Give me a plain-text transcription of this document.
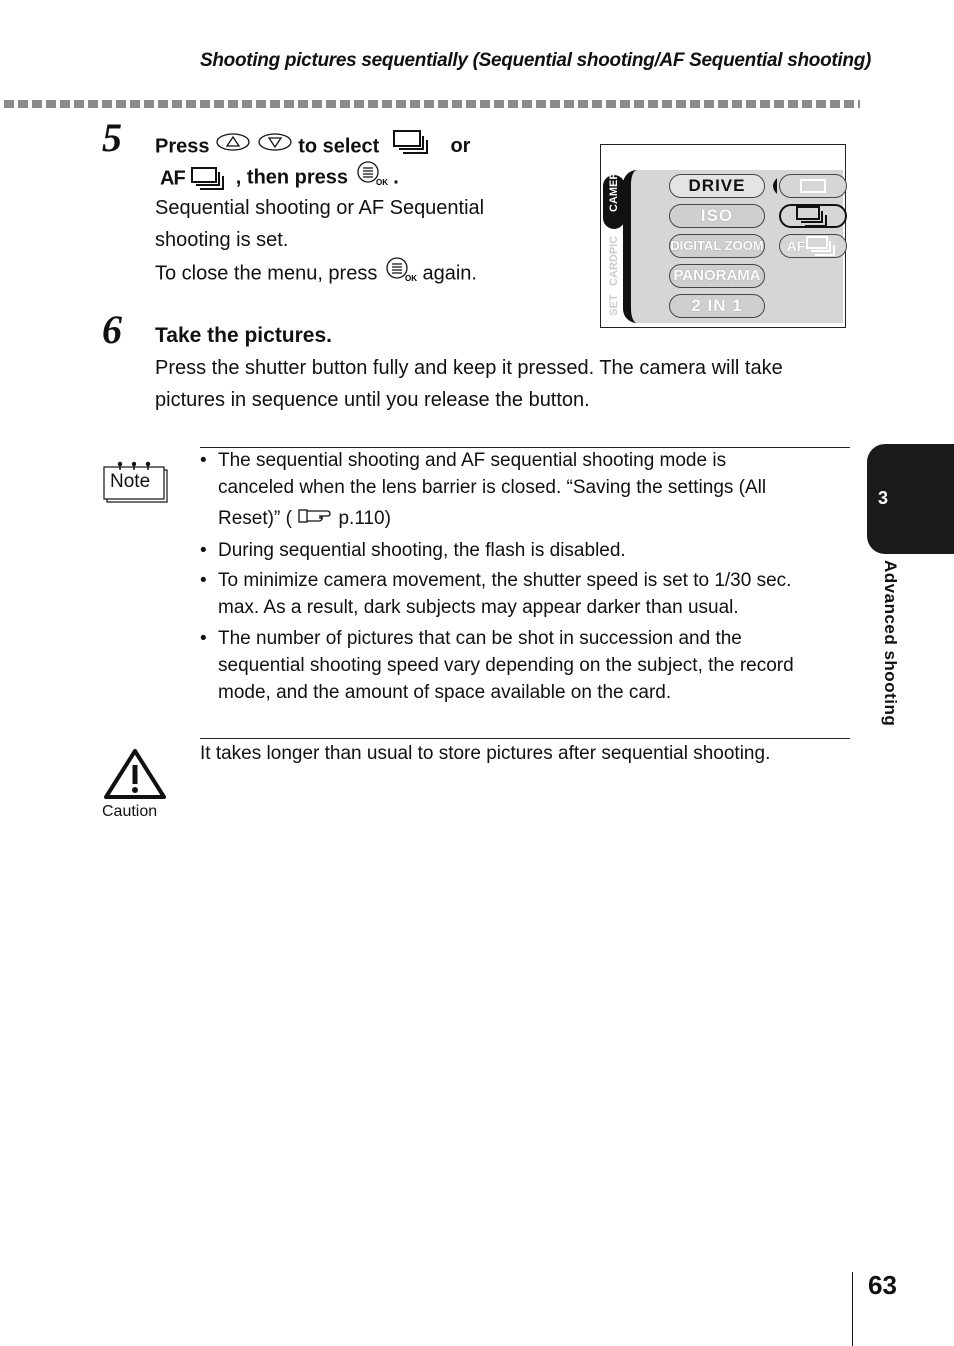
Shooting pictures sequentially (Sequential shooting/AF Sequential shooting)
5 Press	to select	or
AF	, then press	OK .
Sequential shooting or AF Sequential
shooting is set.
To close the menu, press	OK again.
DRIVE
ISO
DIGITAL ZOOM
PANORAMA
2 IN 1
AF
CAMERA
PIC
CARD
SET
6 Take the pictures.
Press the shutter button fully and keep it pressed. The camera will take
pictures in sequence until you release the button.
Note
• The sequential shooting and AF sequential shooting mode is
canceled when the lens barrier is closed. “Saving the settings (All
Reset)” ( p.110)
• During sequential shooting, the flash is disabled.
• To minimize camera movement, the shutter speed is set to 1/30 sec.
max. As a result, dark subjects may appear darker than usual.
• The number of pictures that can be shot in succession and the
sequential shooting speed vary depending on the subject, the record
mode, and the amount of space available on the card.
Caution
It takes longer than usual to store pictures after sequential shooting.
3
Advanced shooting
63
